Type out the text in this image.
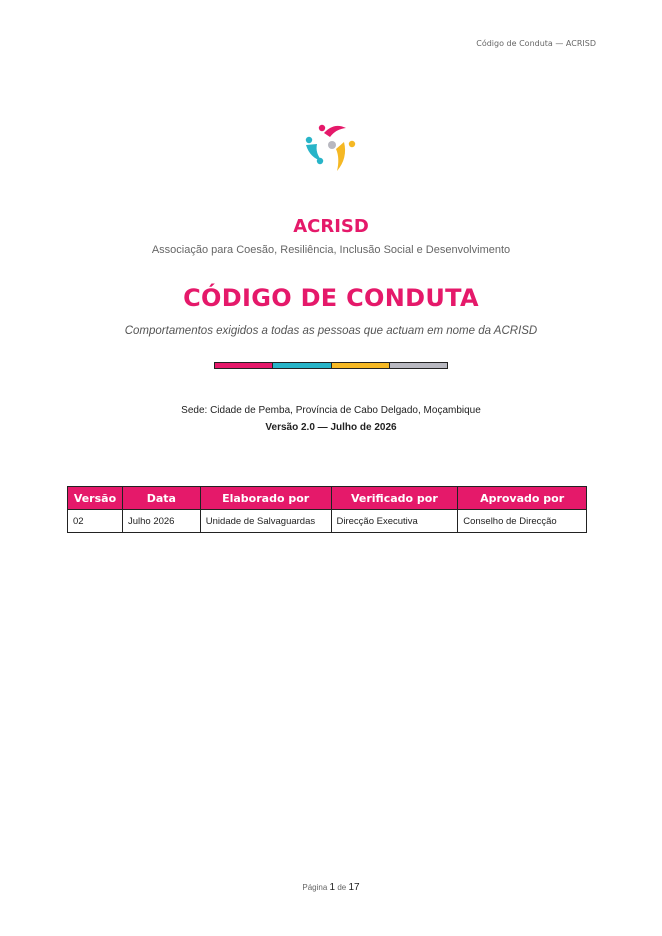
Código de Conduta — ACRISD
ACRISD
Associação para Coesão, Resiliência, Inclusão Social e Desenvolvimento
CÓDIGO DE CONDUTA
Comportamentos exigidos a todas as pessoas que actuam em nome da ACRISD
Sede: Cidade de Pemba, Província de Cabo Delgado, Moçambique
Versão 2.0 — Julho de 2026
Versão	Data	Elaborado por	Verificado por	Aprovado por
02	Julho 2026	Unidade de Salvaguardas	Direcção Executiva	Conselho de Direcção
Página 1 de 17
